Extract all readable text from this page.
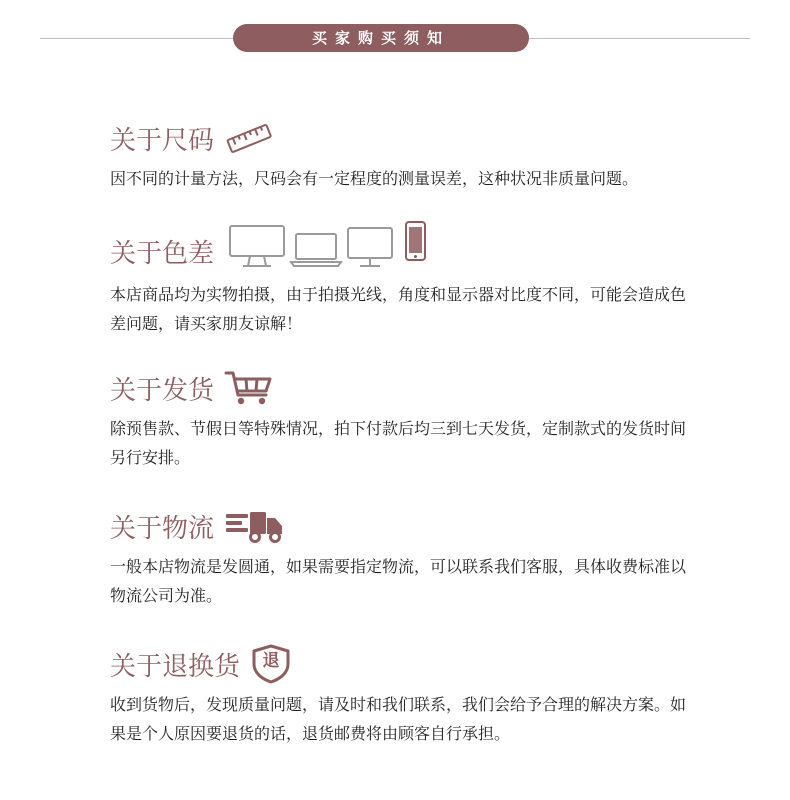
买家购买须知
关于尺码
因不同的计量方法，尺码会有一定程度的测量误差，这种状况非质量问题。
关于色差
本店商品均为实物拍摄，由于拍摄光线，角度和显示器对比度不同，可能会造成色差问题，请买家朋友谅解！
关于发货
除预售款、节假日等特殊情况，拍下付款后均三到七天发货，定制款式的发货时间另行安排。
关于物流
一般本店物流是发圆通，如果需要指定物流，可以联系我们客服，具体收费标准以物流公司为准。
关于退换货	退
收到货物后，发现质量问题，请及时和我们联系，我们会给予合理的解决方案。如果是个人原因要退货的话，退货邮费将由顾客自行承担。
